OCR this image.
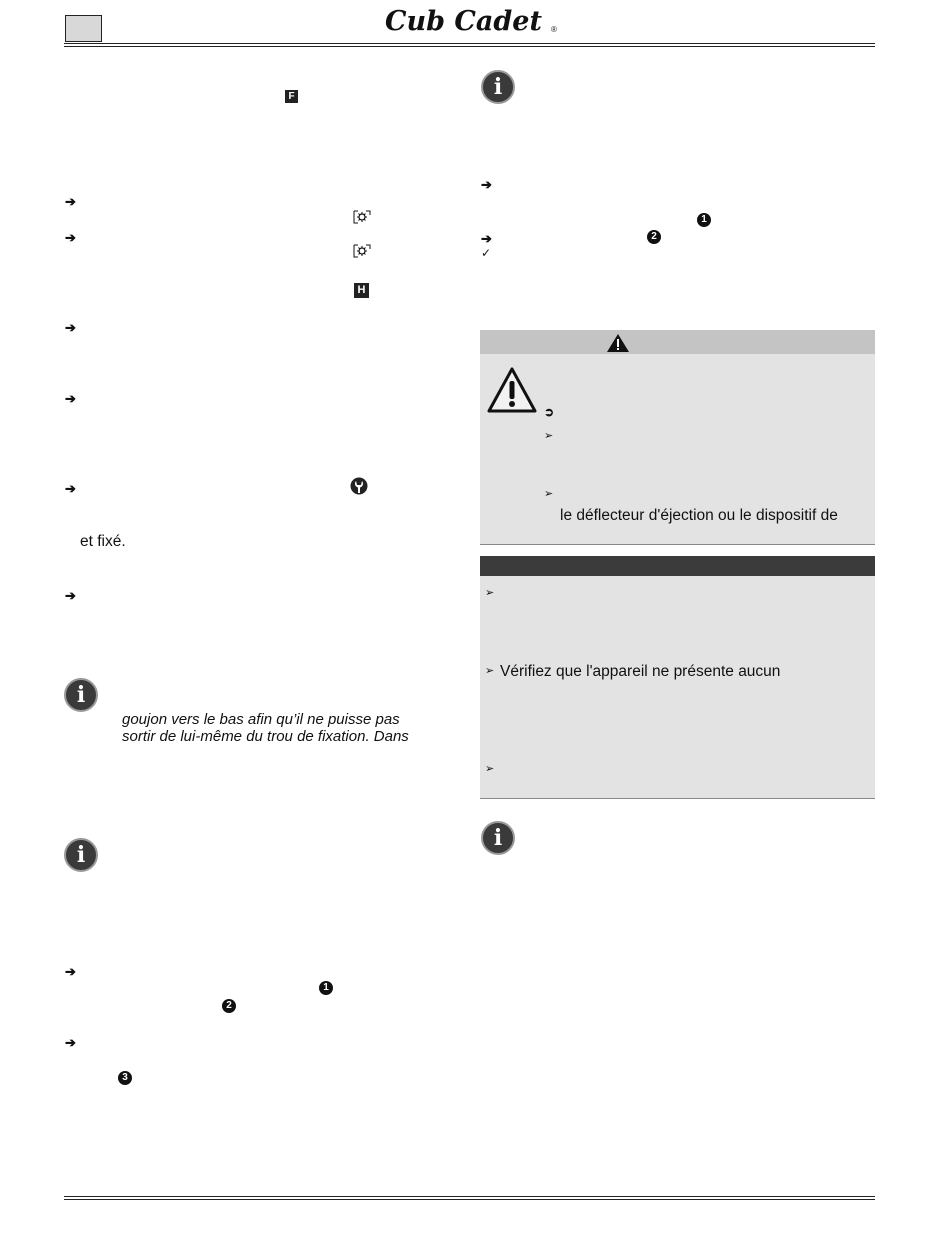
Cub Cadet ®
F
➔
➔
H
➔
➔
➔
et fixé.
➔
i
goujon vers le bas afin qu’il ne puisse pas
sortir de lui-même du trou de fixation. Dans
i
➔
1
2
➔
3
i
➔
1
➔	2
✓
➲
➢
➢
le déflecteur d'éjection ou le dispositif de
➢
➢ Vérifiez que l'appareil ne présente aucun
➢
i
